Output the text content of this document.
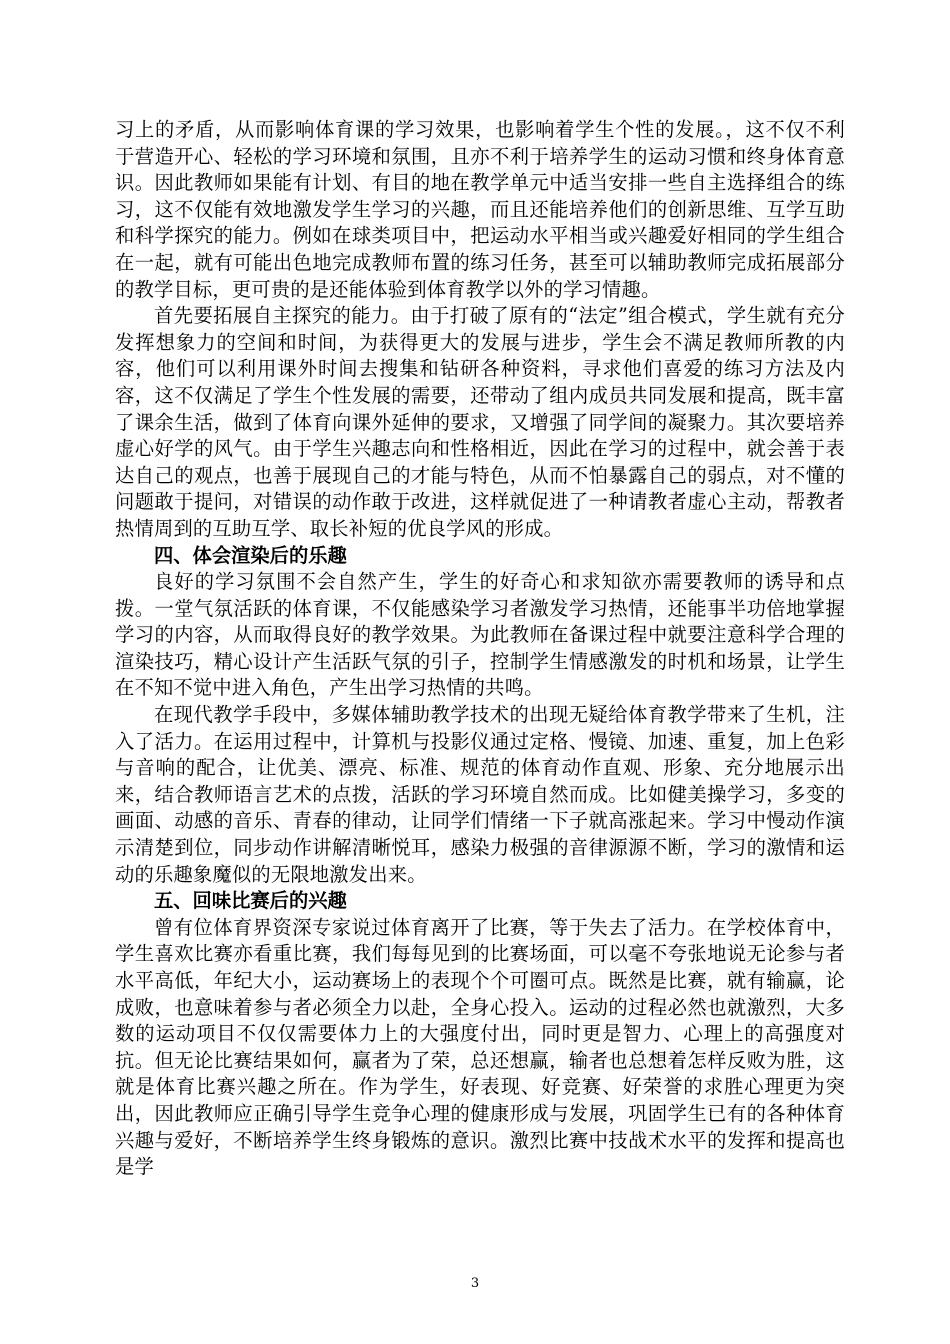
习上的矛盾，从而影响体育课的学习效果，也影响着学生个性的发展。，这不仅不利于营造开心、轻松的学习环境和氛围，且亦不利于培养学生的运动习惯和终身体育意识。因此教师如果能有计划、有目的地在教学单元中适当安排一些自主选择组合的练习，这不仅能有效地激发学生学习的兴趣，而且还能培养他们的创新思维、互学互助和科学探究的能力。例如在球类项目中，把运动水平相当或兴趣爱好相同的学生组合在一起，就有可能出色地完成教师布置的练习任务，甚至可以辅助教师完成拓展部分的教学目标，更可贵的是还能体验到体育教学以外的学习情趣。

首先要拓展自主探究的能力。由于打破了原有的“法定”组合模式，学生就有充分发挥想象力的空间和时间，为获得更大的发展与进步，学生会不满足教师所教的内容，他们可以利用课外时间去搜集和钻研各种资料，寻求他们喜爱的练习方法及内容，这不仅满足了学生个性发展的需要，还带动了组内成员共同发展和提高，既丰富了课余生活，做到了体育向课外延伸的要求，又增强了同学间的凝聚力。其次要培养虚心好学的风气。由于学生兴趣志向和性格相近，因此在学习的过程中，就会善于表达自己的观点，也善于展现自己的才能与特色，从而不怕暴露自己的弱点，对不懂的问题敢于提问，对错误的动作敢于改进，这样就促进了一种请教者虚心主动，帮教者热情周到的互助互学、取长补短的优良学风的形成。

四、体会渲染后的乐趣

良好的学习氛围不会自然产生，学生的好奇心和求知欲亦需要教师的诱导和点拨。一堂气氛活跃的体育课，不仅能感染学习者激发学习热情，还能事半功倍地掌握学习的内容，从而取得良好的教学效果。为此教师在备课过程中就要注意科学合理的渲染技巧，精心设计产生活跃气氛的引子，控制学生情感激发的时机和场景，让学生在不知不觉中进入角色，产生出学习热情的共鸣。

在现代教学手段中，多媒体辅助教学技术的出现无疑给体育教学带来了生机，注入了活力。在运用过程中，计算机与投影仪通过定格、慢镜、加速、重复，加上色彩与音响的配合，让优美、漂亮、标准、规范的体育动作直观、形象、充分地展示出来，结合教师语言艺术的点拨，活跃的学习环境自然而成。比如健美操学习，多变的画面、动感的音乐、青春的律动，让同学们情绪一下子就高涨起来。学习中慢动作演示清楚到位，同步动作讲解清晰悦耳，感染力极强的音律源源不断，学习的激情和运动的乐趣象魔似的无限地激发出来。

五、回味比赛后的兴趣

曾有位体育界资深专家说过体育离开了比赛，等于失去了活力。在学校体育中，学生喜欢比赛亦看重比赛，我们每每见到的比赛场面，可以毫不夸张地说无论参与者水平高低，年纪大小，运动赛场上的表现个个可圈可点。既然是比赛，就有输赢，论成败，也意味着参与者必须全力以赴，全身心投入。运动的过程必然也就激烈，大多数的运动项目不仅仅需要体力上的大强度付出，同时更是智力、心理上的高强度对抗。但无论比赛结果如何，赢者为了荣，总还想赢，输者也总想着怎样反败为胜，这就是体育比赛兴趣之所在。作为学生，好表现、好竞赛、好荣誉的求胜心理更为突出，因此教师应正确引导学生竞争心理的健康形成与发展，巩固学生已有的各种体育兴趣与爱好，不断培养学生终身锻炼的意识。激烈比赛中技战术水平的发挥和提高也是学

3
